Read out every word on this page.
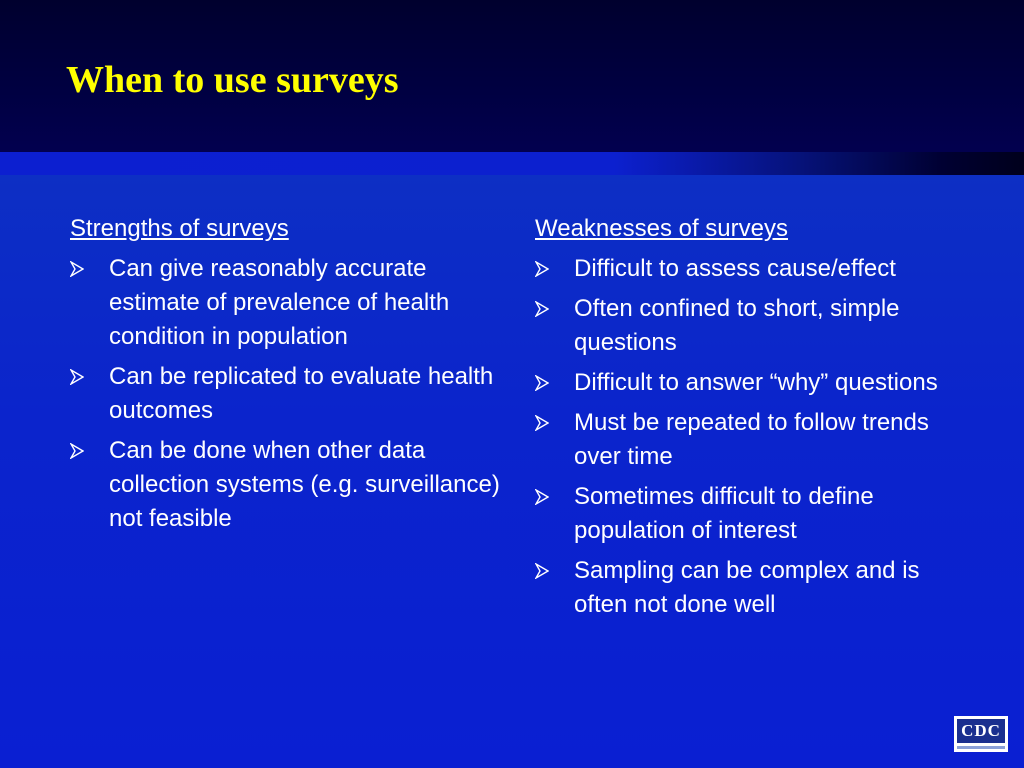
When to use surveys
Strengths of surveys
Can give reasonably accurate estimate of prevalence of health condition in population
Can be replicated to evaluate health outcomes
Can be done when other data collection systems (e.g. surveillance) not feasible
Weaknesses of surveys
Difficult to assess cause/effect
Often confined to short, simple questions
Difficult to answer “why” questions
Must be repeated to follow trends over time
Sometimes difficult to define population of interest
Sampling can be complex and is often not done well
CDC
